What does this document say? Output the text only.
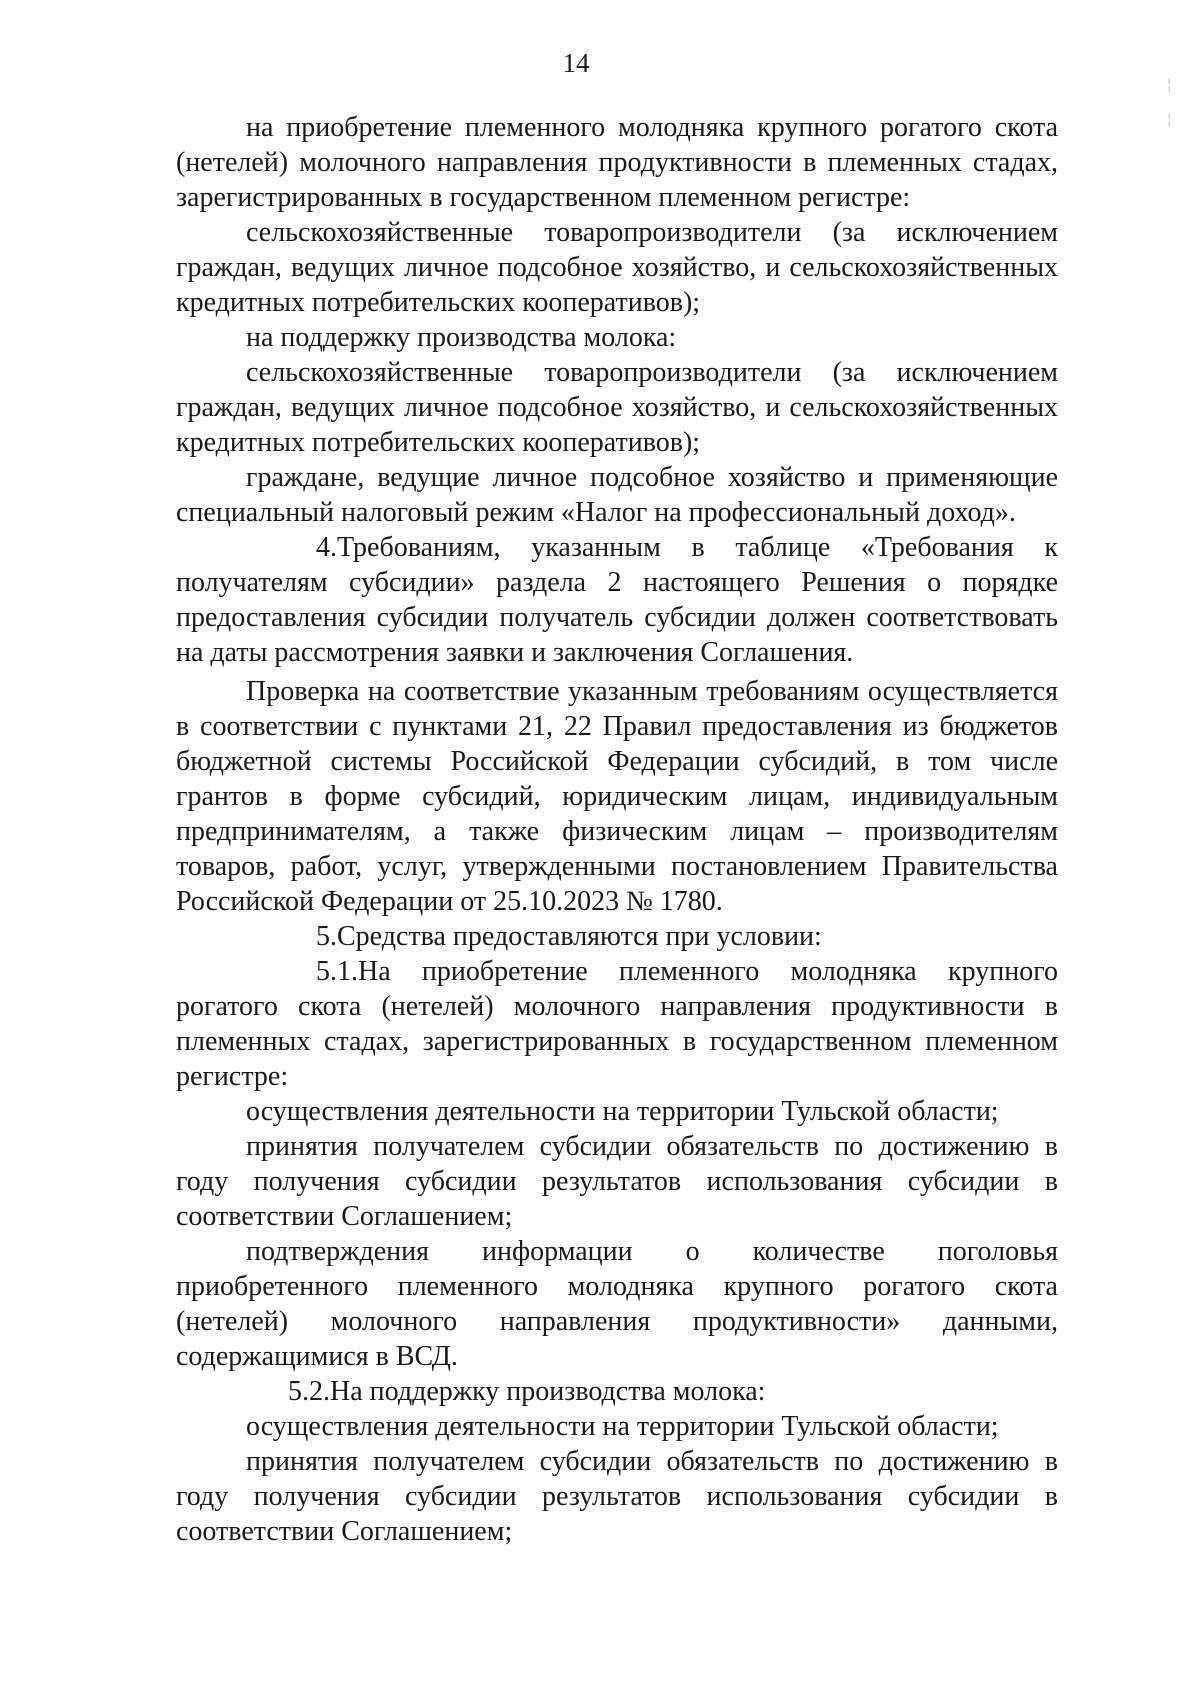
14
¦ ¦

на приобретение племенного молодняка крупного рогатого скота (нетелей) молочного направления продуктивности в племенных стадах, зарегистрированных в государственном племенном регистре:

сельскохозяйственные товаропроизводители (за исключением граждан, ведущих личное подсобное хозяйство, и сельскохозяйственных кредитных потребительских кооперативов);

на поддержку производства молока:

сельскохозяйственные товаропроизводители (за исключением граждан, ведущих личное подсобное хозяйство, и сельскохозяйственных кредитных потребительских кооперативов);

граждане, ведущие личное подсобное хозяйство и применяющие специальный налоговый режим «Налог на профессиональный доход».

4.Требованиям, указанным в таблице «Требования к получателям субсидии» раздела 2 настоящего Решения о порядке предоставления субсидии получатель субсидии должен соответствовать на даты рассмотрения заявки и заключения Соглашения.

Проверка на соответствие указанным требованиям осуществляется в соответствии с пунктами 21, 22 Правил предоставления из бюджетов бюджетной системы Российской Федерации субсидий, в том числе грантов в форме субсидий, юридическим лицам, индивидуальным предпринимателям, а также физическим лицам – производителям товаров, работ, услуг, утвержденными постановлением Правительства Российской Федерации от 25.10.2023 № 1780.

5.Средства предоставляются при условии:

5.1.На приобретение племенного молодняка крупного рогатого скота (нетелей) молочного направления продуктивности в племенных стадах, зарегистрированных в государственном племенном регистре:

осуществления деятельности на территории Тульской области;

принятия получателем субсидии обязательств по достижению в году получения субсидии результатов использования субсидии в соответствии Соглашением;

подтверждения информации о количестве поголовья приобретенного племенного молодняка крупного рогатого скота (нетелей) молочного направления продуктивности» данными, содержащимися в ВСД.

5.2.На поддержку производства молока:

осуществления деятельности на территории Тульской области;

принятия получателем субсидии обязательств по достижению в году получения субсидии результатов использования субсидии в соответствии Соглашением;
